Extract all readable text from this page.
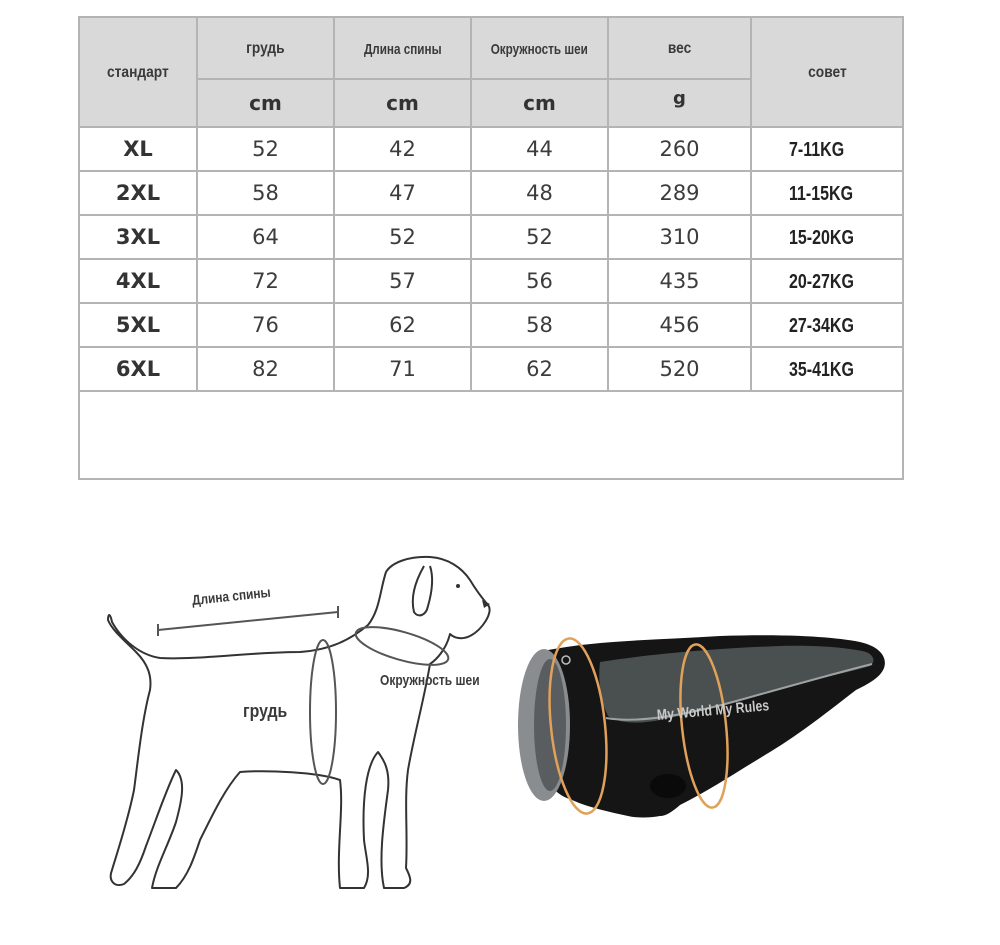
стандарт	грудь	Длина спины	Окружность шеи	вес	совет
	cm	cm	cm	g	
XL	52	42	44	260	7-11KG
2XL	58	47	48	289	11-15KG
3XL	64	52	52	310	15-20KG
4XL	72	57	56	435	20-27KG
5XL	76	62	58	456	27-34KG
6XL	82	71	62	520	35-41KG

Длина спины
грудь
Окружность шеи
My World My Rules
